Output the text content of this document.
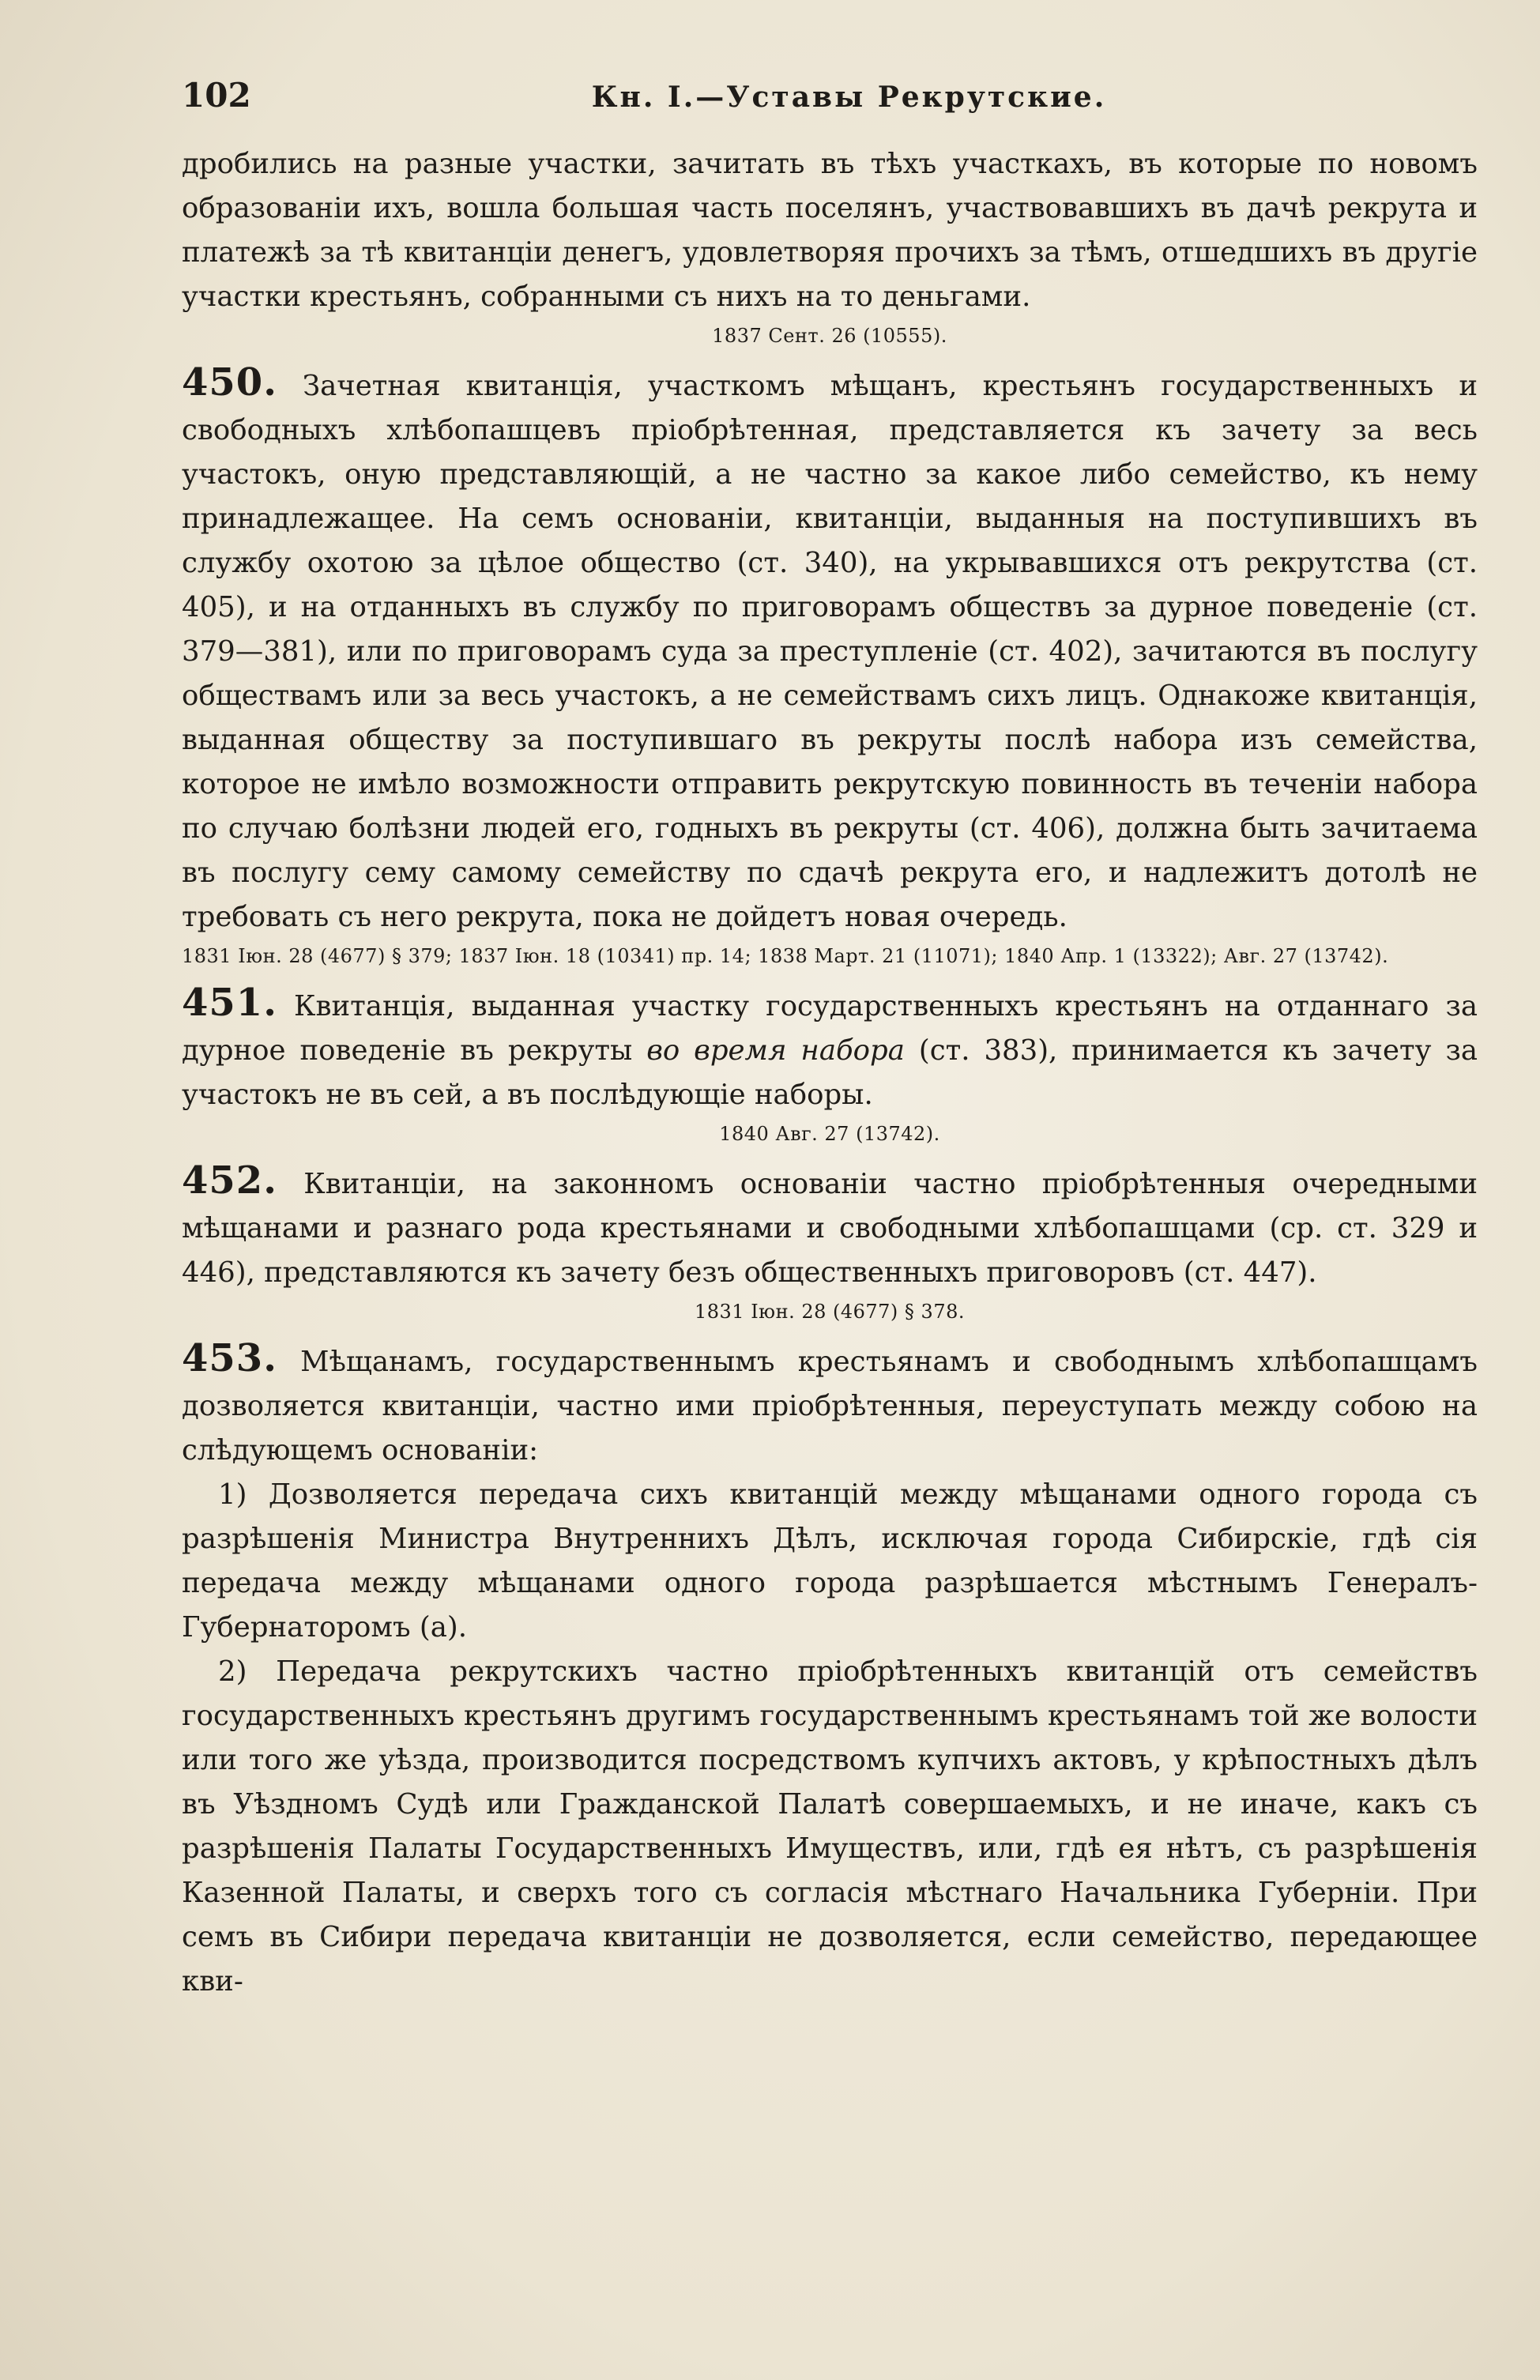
102	Кн. I.—Уставы Рекрутские.

дробились на разные участки, зачитать въ тѣхъ участкахъ, въ которые по новомъ образованіи ихъ, вошла большая часть поселянъ, участвовавшихъ въ дачѣ рекрута и платежѣ за тѣ квитанціи денегъ, удовлетворяя прочихъ за тѣмъ, отшедшихъ въ другіе участки крестьянъ, собранными съ нихъ на то деньгами.

1837 Сент. 26 (10555).

450. Зачетная квитанція, участкомъ мѣщанъ, крестьянъ государственныхъ и свободныхъ хлѣбопашцевъ пріобрѣтенная, представляется къ зачету за весь участокъ, оную представляющій, а не частно за какое либо семейство, къ нему принадлежащее. На семъ основаніи, квитанціи, выданныя на поступившихъ въ службу охотою за цѣлое общество (ст. 340), на укрывавшихся отъ рекрутства (ст. 405), и на отданныхъ въ службу по приговорамъ обществъ за дурное поведеніе (ст. 379—381), или по приговорамъ суда за преступленіе (ст. 402), зачитаются въ послугу обществамъ или за весь участокъ, а не семействамъ сихъ лицъ. Однакоже квитанція, выданная обществу за поступившаго въ рекруты послѣ набора изъ семейства, которое не имѣло возможности отправить рекрутскую повинность въ теченіи набора по случаю болѣзни людей его, годныхъ въ рекруты (ст. 406), должна быть зачитаема въ послугу сему самому семейству по сдачѣ рекрута его, и надлежитъ дотолѣ не требовать съ него рекрута, пока не дойдетъ новая очередь.

1831 Іюн. 28 (4677) § 379; 1837 Іюн. 18 (10341) пр. 14; 1838 Март. 21 (11071); 1840 Апр. 1 (13322); Авг. 27 (13742).

451. Квитанція, выданная участку государственныхъ крестьянъ на отданнаго за дурное поведеніе въ рекруты во время набора (ст. 383), принимается къ зачету за участокъ не въ сей, а въ послѣдующіе наборы.

1840 Авг. 27 (13742).

452. Квитанціи, на законномъ основаніи частно пріобрѣтенныя очередными мѣщанами и разнаго рода крестьянами и свободными хлѣбопашцами (ср. ст. 329 и 446), представляются къ зачету безъ общественныхъ приговоровъ (ст. 447).

1831 Іюн. 28 (4677) § 378.

453. Мѣщанамъ, государственнымъ крестьянамъ и свободнымъ хлѣбопашцамъ дозволяется квитанціи, частно ими пріобрѣтенныя, переуступать между собою на слѣдующемъ основаніи:

1) Дозволяется передача сихъ квитанцій между мѣщанами одного города съ разрѣшенія Министра Внутреннихъ Дѣлъ, исключая города Сибирскіе, гдѣ сія передача между мѣщанами одного города разрѣшается мѣстнымъ Генералъ-Губернаторомъ (а).

2) Передача рекрутскихъ частно пріобрѣтенныхъ квитанцій отъ семействъ государственныхъ крестьянъ другимъ государственнымъ крестьянамъ той же волости или того же уѣзда, производится посредствомъ купчихъ актовъ, у крѣпостныхъ дѣлъ въ Уѣздномъ Судѣ или Гражданской Палатѣ совершаемыхъ, и не иначе, какъ съ разрѣшенія Палаты Государственныхъ Имуществъ, или, гдѣ ея нѣтъ, съ разрѣшенія Казенной Палаты, и сверхъ того съ согласія мѣстнаго Начальника Губерніи. При семъ въ Сибири передача квитанціи не дозволяется, если семейство, передающее кви-
